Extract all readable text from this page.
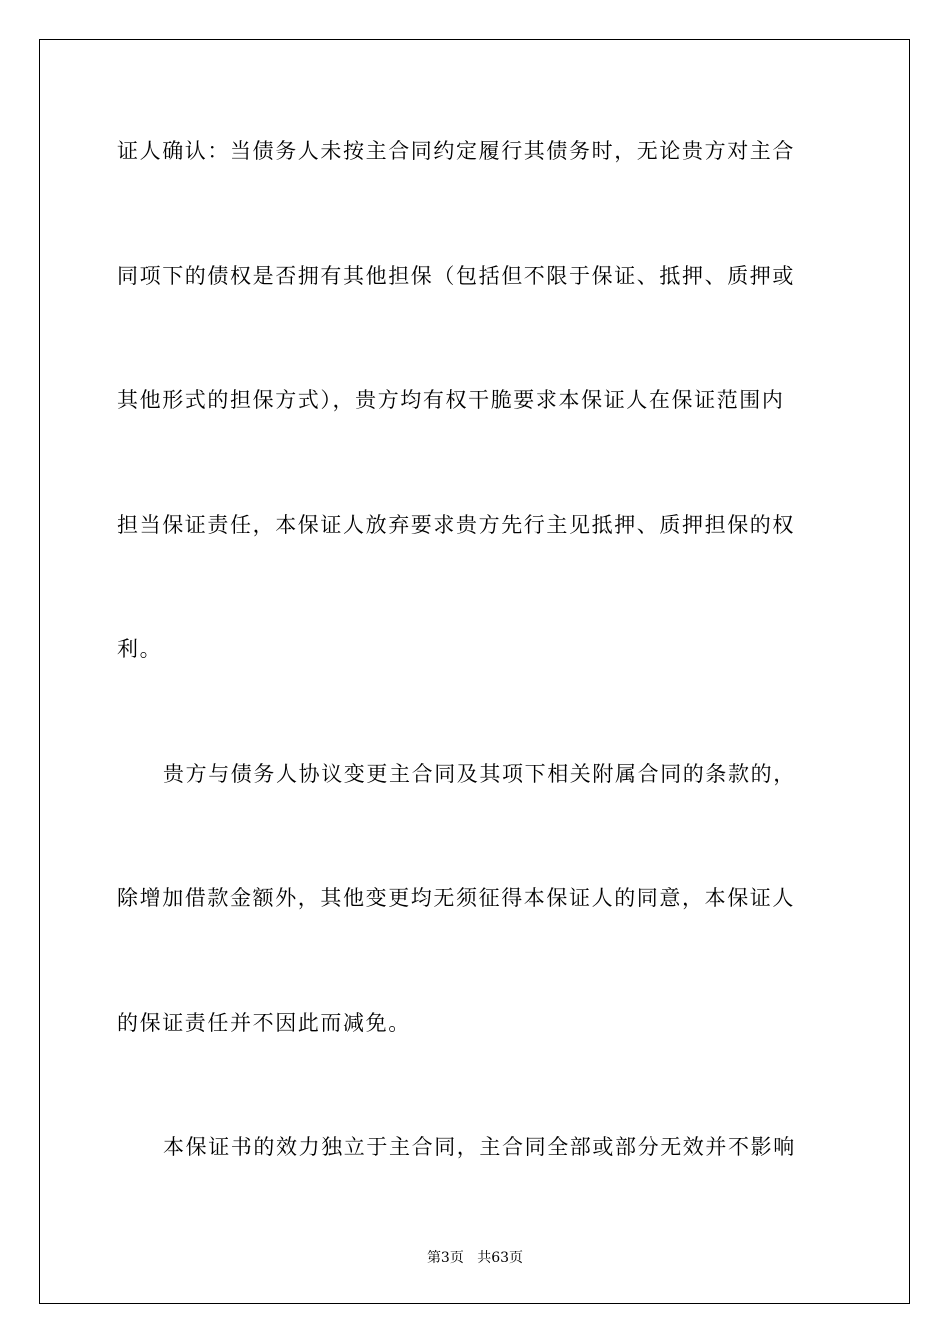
证人确认：当债务人未按主合同约定履行其债务时，无论贵方对主合
同项下的债权是否拥有其他担保（包括但不限于保证、抵押、质押或
其他形式的担保方式），贵方均有权干脆要求本保证人在保证范围内
担当保证责任，本保证人放弃要求贵方先行主见抵押、质押担保的权
利。
贵方与债务人协议变更主合同及其项下相关附属合同的条款的，
除增加借款金额外，其他变更均无须征得本保证人的同意，本保证人
的保证责任并不因此而减免。
本保证书的效力独立于主合同，主合同全部或部分无效并不影响
第3页 共63页
